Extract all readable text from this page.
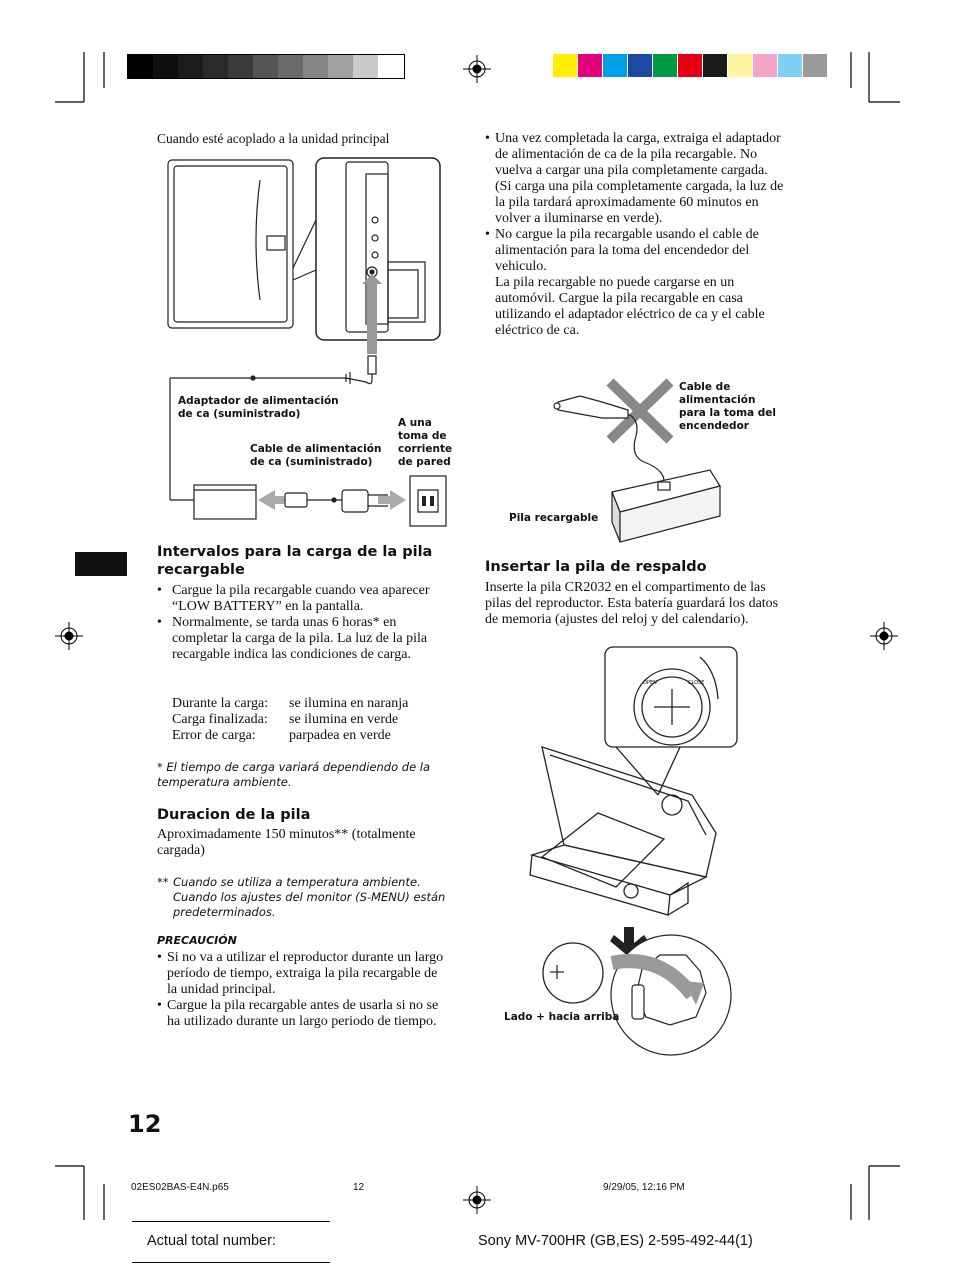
Cuando esté acoplado a la unidad principal
Adaptador de alimentación de ca (suministrado)
Cable de alimentación de ca (suministrado)
A una toma de corriente de pared
Intervalos para la carga de la pila recargable
• Cargue la pila recargable cuando vea aparecer “LOW BATTERY” en la pantalla.
• Normalmente, se tarda unas 6 horas* en completar la carga de la pila. La luz de la pila recargable indica las condiciones de carga.
Durante la carga:	se ilumina en naranja
Carga finalizada:	se ilumina en verde
Error de carga:	parpadea en verde
* El tiempo de carga variará dependiendo de la temperatura ambiente.
Duracion de la pila
Aproximadamente 150 minutos** (totalmente cargada)
** Cuando se utiliza a temperatura ambiente. Cuando los ajustes del monitor (S-MENU) están predeterminados.
PRECAUCIÓN
• Si no va a utilizar el reproductor durante un largo período de tiempo, extraiga la pila recargable de la unidad principal.
• Cargue la pila recargable antes de usarla si no se ha utilizado durante un largo periodo de tiempo.
• Una vez completada la carga, extraiga el adaptador de alimentación de ca de la pila recargable. No vuelva a cargar una pila completamente cargada. (Si carga una pila completamente cargada, la luz de la pila tardará aproximadamente 60 minutos en volver a iluminarse en verde).
• No cargue la pila recargable usando el cable de alimentación para la toma del encendedor del vehiculo.
La pila recargable no puede cargarse en un automóvil. Cargue la pila recargable en casa utilizando el adaptador eléctrico de ca y el cable eléctrico de ca.
Cable de alimentación para la toma del encendedor
Pila recargable
Insertar la pila de respaldo
Inserte la pila CR2032 en el compartimento de las pilas del reproductor. Esta batería guardará los datos de memoria (ajustes del reloj y del calendario).
OPEN	CLOSE
Lado + hacia arriba
12
02ES02BAS-E4N.p65	12	9/29/05, 12:16 PM
Actual total number:	Sony MV-700HR (GB,ES) 2-595-492-44(1)
